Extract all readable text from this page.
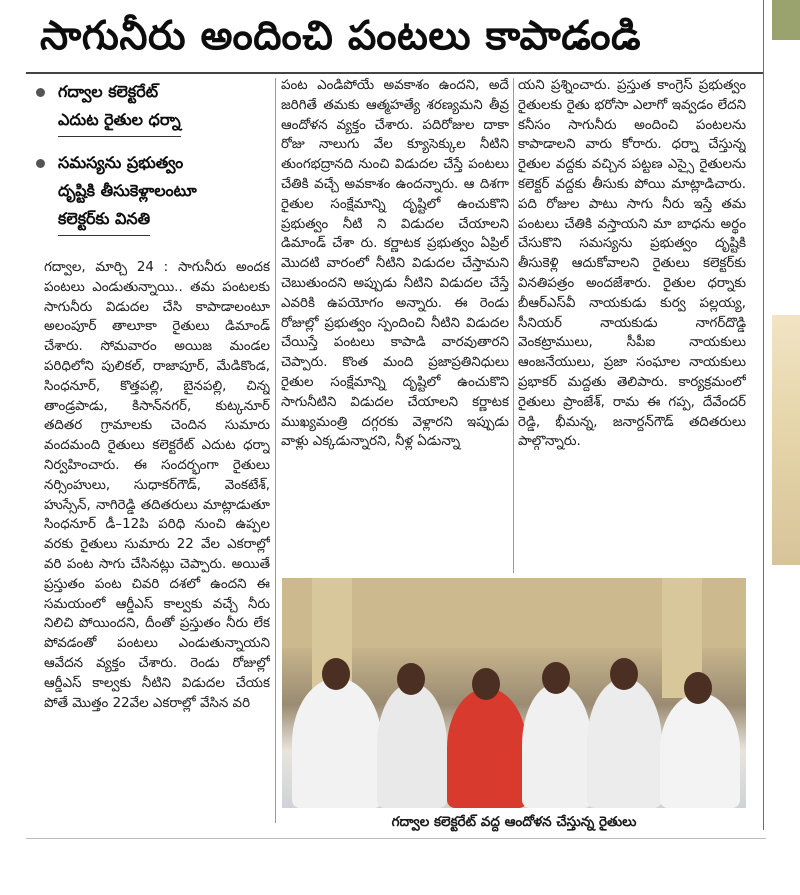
సాగునీరు అందించి పంటలు కాపాడండి
గద్వాల కలెక్టరేట్
ఎదుట రైతుల ధర్నా
సమస్యను ప్రభుత్వం
దృష్టికి తీసుకెళ్లాలంటూ
కలెక్టర్‌కు వినతి

గద్వాల, మార్చి 24 : సాగునీరు అందక పంటలు ఎండుతున్నాయి.. తమ పంటలకు సాగునీరు విడుదల చేసి కాపాడాలంటూ అలంపూర్ తాలూకా రైతులు డిమాండ్ చేశారు. సోమవారం అయిజ మండల పరిధిలోని పులికల్, రాజాపూర్, మేడికొండ, సింధనూర్, కొత్తపల్లి, బైనపల్లి, చిన్న తాండ్రపాడు, కిసాన్‌నగర్, కుట్కనూర్ తదితర గ్రామాలకు చెందిన సుమారు వందమంది రైతులు కలెక్టరేట్ ఎదుట ధర్నా నిర్వహించారు. ఈ సందర్భంగా రైతులు నర్సింహులు, సుధాకర్‌గౌడ్, వెంకటేశ్, హుస్సేన్, నాగిరెడ్డి తదితరులు మాట్లాడుతూ సింధనూర్ డీ–12పి పరిధి నుంచి ఉప్పల వరకు రైతులు సుమారు 22 వేల ఎకరాల్లో వరి పంట సాగు చేసినట్లు చెప్పారు. అయితే ప్రస్తుతం పంట చివరి దశలో ఉందని ఈ సమయంలో ఆర్డీఎస్ కాల్వకు వచ్చే నీరు నిలిచి పోయిందని, దీంతో ప్రస్తుతం నీరు లేక పోవడంతో పంటలు ఎండుతున్నాయని ఆవేదన వ్యక్తం చేశారు. రెండు రోజుల్లో ఆర్డీఎస్ కాల్వకు నీటిని విడుదల చేయక పోతే మొత్తం 22వేల ఎకరాల్లో వేసిన వరి

పంట ఎండిపోయే అవకాశం ఉందని, అదే జరిగితే తమకు ఆత్మహత్యే శరణ్యమని తీవ్ర ఆందోళన వ్యక్తం చేశారు. పదిరోజుల దాకా రోజు నాలుగు వేల క్యూసెక్కుల నీటిని తుంగభద్రానది నుంచి విడుదల చేస్తే పంటలు చేతికి వచ్చే అవకాశం ఉందన్నారు. ఆ దిశగా రైతుల సంక్షేమాన్ని దృష్టిలో ఉంచుకొని ప్రభుత్వం నీటి ని విడుదల చేయాలని డిమాండ్ చేశా రు. కర్ణాటక ప్రభుత్వం ఏప్రిల్ మొదటి వారంలో నీటిని విడుదల చేస్తామని చెబుతుందని అప్పుడు నీటిని విడుదల చేస్తే ఎవరికి ఉపయోగం అన్నారు. ఈ రెండు రోజుల్లో ప్రభుత్వం స్పందించి నీటిని విడుదల చేయిస్తే పంటలు కాపాడి వారవుతారని చెప్పారు. కొంత మంది ప్రజాప్రతినిధులు రైతుల సంక్షేమాన్ని దృష్టిలో ఉంచుకొని సాగునీటిని విడుదల చేయాలని కర్ణాటక ముఖ్యమంత్రి దగ్గరకు వెళ్లారని ఇప్పుడు వాళ్లు ఎక్కడున్నారని, నీళ్ల ఏడున్నా

యని ప్రశ్నించారు. ప్రస్తుత కాంగ్రెస్ ప్రభుత్వం రైతులకు రైతు భరోసా ఎలాగో ఇవ్వడం లేదని కనీసం సాగునీరు అందించి పంటలను కాపాడాలని వారు కోరారు. ధర్నా చేస్తున్న రైతుల వద్దకు వచ్చిన పట్టణ ఎస్సై రైతులను కలెక్టర్ వద్దకు తీసుకు పోయి మాట్లాడిచారు. పది రోజుల పాటు సాగు నీరు ఇస్తే తమ పంటలు చేతికి వస్తాయని మా బాధను అర్థం చేసుకొని సమస్యను ప్రభుత్వం దృష్టికి తీసుకెళ్లి ఆదుకోవాలని రైతులు కలెక్టర్‌కు వినతిపత్రం అందజేశారు. రైతుల ధర్నాకు బీఆర్‌ఎస్‌వీ నాయకుడు కుర్వ పల్లయ్య, సీనియర్ నాయకుడు నాగర్‌దొడ్డి వెంకట్రాములు, సీపీఐ నాయకులు ఆంజనేయులు, ప్రజా సంఘాల నాయకులు ప్రభాకర్ మద్దతు తెలిపారు. కార్యక్రమంలో రైతులు ప్రాంజేశ్, రామ ఈ గప్ప, దేవేందర్ రెడ్డి, భీమన్న, జనార్దన్‌గౌడ్ తదితరులు పాల్గొన్నారు.

గద్వాల కలెక్టరేట్ వద్ద ఆందోళన చేస్తున్న రైతులు
